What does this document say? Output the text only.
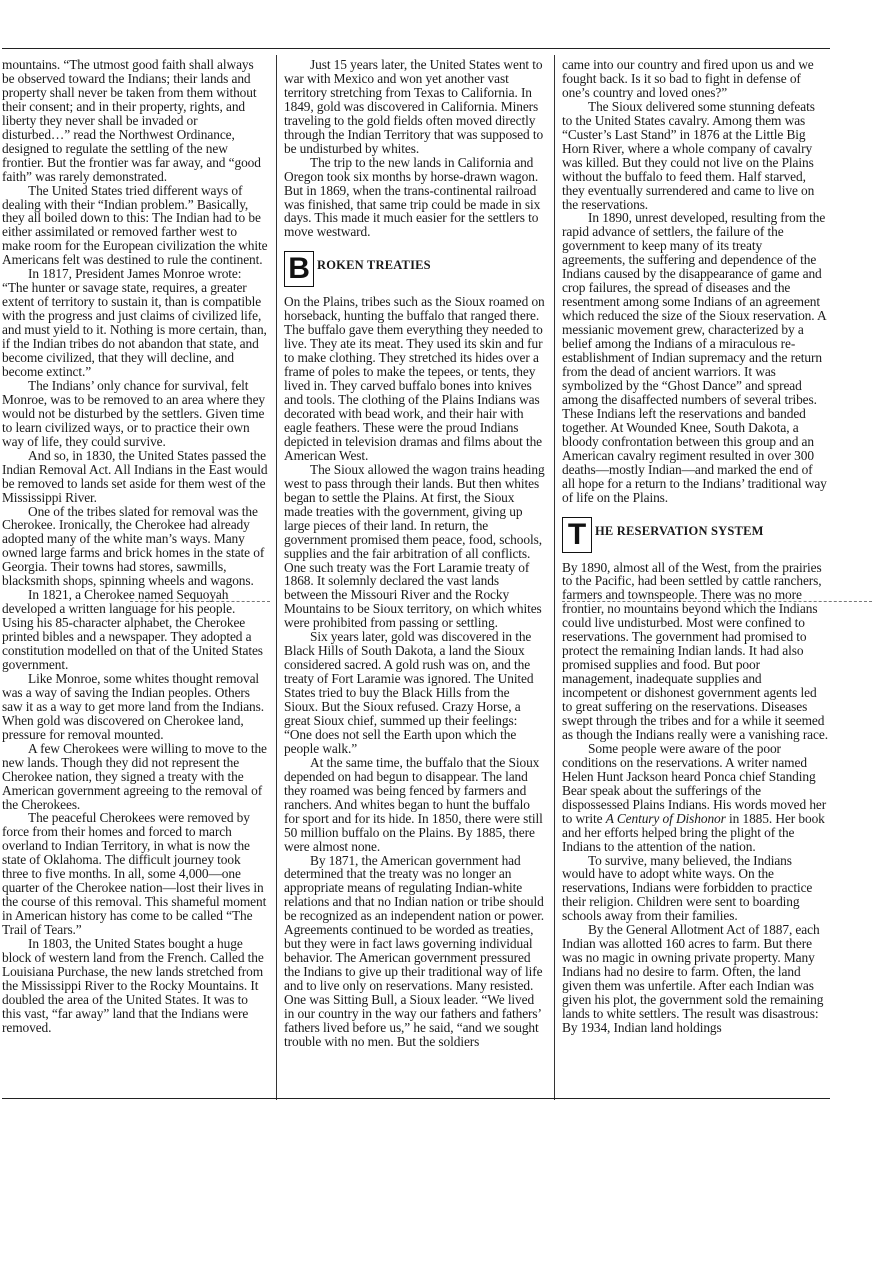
mountains. “The utmost good faith shall always be observed toward the Indians; their lands and property shall never be taken from them without their consent; and in their property, rights, and liberty they never shall be invaded or disturbed…” read the Northwest Ordinance, designed to regulate the settling of the new frontier. But the frontier was far away, and “good faith” was rarely demonstrated.

The United States tried different ways of dealing with their “Indian problem.” Basically, they all boiled down to this: The Indian had to be either assimilated or removed farther west to make room for the European civilization the white Americans felt was destined to rule the continent.

In 1817, President James Monroe wrote: “The hunter or savage state, requires, a greater extent of territory to sustain it, than is compatible with the progress and just claims of civilized life, and must yield to it. Nothing is more certain, than, if the Indian tribes do not abandon that state, and become civilized, that they will decline, and become extinct.”

The Indians’ only chance for survival, felt Monroe, was to be removed to an area where they would not be disturbed by the settlers. Given time to learn civilized ways, or to practice their own way of life, they could survive.

And so, in 1830, the United States passed the Indian Removal Act. All Indians in the East would be removed to lands set aside for them west of the Mississippi River.

One of the tribes slated for removal was the Cherokee. Ironically, the Cherokee had already adopted many of the white man’s ways. Many owned large farms and brick homes in the state of Georgia. Their towns had stores, sawmills, blacksmith shops, spinning wheels and wagons.

In 1821, a Cherokee named Sequoyah developed a written language for his people. Using his 85-character alphabet, the Cherokee printed bibles and a newspaper. They adopted a constitution modelled on that of the United States government.

Like Monroe, some whites thought removal was a way of saving the Indian peoples. Others saw it as a way to get more land from the Indians. When gold was discovered on Cherokee land, pressure for removal mounted.

A few Cherokees were willing to move to the new lands. Though they did not represent the Cherokee nation, they signed a treaty with the American government agreeing to the removal of the Cherokees.

The peaceful Cherokees were removed by force from their homes and forced to march overland to Indian Territory, in what is now the state of Oklahoma. The difficult journey took three to five months. In all, some 4,000—one quarter of the Cherokee nation—lost their lives in the course of this removal. This shameful moment in American history has come to be called “The Trail of Tears.”

In 1803, the United States bought a huge block of western land from the French. Called the Louisiana Purchase, the new lands stretched from the Mississippi River to the Rocky Mountains. It doubled the area of the United States. It was to this vast, “far away” land that the Indians were removed.

Just 15 years later, the United States went to war with Mexico and won yet another vast territory stretching from Texas to California. In 1849, gold was discovered in California. Miners traveling to the gold fields often moved directly through the Indian Territory that was supposed to be undisturbed by whites.

The trip to the new lands in California and Oregon took six months by horse-drawn wagon. But in 1869, when the trans-continental railroad was finished, that same trip could be made in six days. This made it much easier for the settlers to move westward.

B ROKEN TREATIES

On the Plains, tribes such as the Sioux roamed on horseback, hunting the buffalo that ranged there. The buffalo gave them everything they needed to live. They ate its meat. They used its skin and fur to make clothing. They stretched its hides over a frame of poles to make the tepees, or tents, they lived in. They carved buffalo bones into knives and tools. The clothing of the Plains Indians was decorated with bead work, and their hair with eagle feathers. These were the proud Indians depicted in television dramas and films about the American West.

The Sioux allowed the wagon trains heading west to pass through their lands. But then whites began to settle the Plains. At first, the Sioux made treaties with the government, giving up large pieces of their land. In return, the government promised them peace, food, schools, supplies and the fair arbitration of all conflicts. One such treaty was the Fort Laramie treaty of 1868. It solemnly declared the vast lands between the Missouri River and the Rocky Mountains to be Sioux territory, on which whites were prohibited from passing or settling.

Six years later, gold was discovered in the Black Hills of South Dakota, a land the Sioux considered sacred. A gold rush was on, and the treaty of Fort Laramie was ignored. The United States tried to buy the Black Hills from the Sioux. But the Sioux refused. Crazy Horse, a great Sioux chief, summed up their feelings: “One does not sell the Earth upon which the people walk.”

At the same time, the buffalo that the Sioux depended on had begun to disappear. The land they roamed was being fenced by farmers and ranchers. And whites began to hunt the buffalo for sport and for its hide. In 1850, there were still 50 million buffalo on the Plains. By 1885, there were almost none.

By 1871, the American government had determined that the treaty was no longer an appropriate means of regulating Indian-white relations and that no Indian nation or tribe should be recognized as an independent nation or power. Agreements continued to be worded as treaties, but they were in fact laws governing individual behavior. The American government pressured the Indians to give up their traditional way of life and to live only on reservations. Many resisted. One was Sitting Bull, a Sioux leader. “We lived in our country in the way our fathers and fathers’ fathers lived before us,” he said, “and we sought trouble with no men. But the soldiers

came into our country and fired upon us and we fought back. Is it so bad to fight in defense of one’s country and loved ones?”

The Sioux delivered some stunning defeats to the United States cavalry. Among them was “Custer’s Last Stand” in 1876 at the Little Big Horn River, where a whole company of cavalry was killed. But they could not live on the Plains without the buffalo to feed them. Half starved, they eventually surrendered and came to live on the reservations.

In 1890, unrest developed, resulting from the rapid advance of settlers, the failure of the government to keep many of its treaty agreements, the suffering and dependence of the Indians caused by the disappearance of game and crop failures, the spread of diseases and the resentment among some Indians of an agreement which reduced the size of the Sioux reservation. A messianic movement grew, characterized by a belief among the Indians of a miraculous re-establishment of Indian supremacy and the return from the dead of ancient warriors. It was symbolized by the “Ghost Dance” and spread among the disaffected numbers of several tribes. These Indians left the reservations and banded together. At Wounded Knee, South Dakota, a bloody confrontation between this group and an American cavalry regiment resulted in over 300 deaths—mostly Indian—and marked the end of all hope for a return to the Indians’ traditional way of life on the Plains.

T HE RESERVATION SYSTEM

By 1890, almost all of the West, from the prairies to the Pacific, had been settled by cattle ranchers, farmers and townspeople. There was no more frontier, no mountains beyond which the Indians could live undisturbed. Most were confined to reservations. The government had promised to protect the remaining Indian lands. It had also promised supplies and food. But poor management, inadequate supplies and incompetent or dishonest government agents led to great suffering on the reservations. Diseases swept through the tribes and for a while it seemed as though the Indians really were a vanishing race.

Some people were aware of the poor conditions on the reservations. A writer named Helen Hunt Jackson heard Ponca chief Standing Bear speak about the sufferings of the dispossessed Plains Indians. His words moved her to write A Century of Dishonor in 1885. Her book and her efforts helped bring the plight of the Indians to the attention of the nation.

To survive, many believed, the Indians would have to adopt white ways. On the reservations, Indians were forbidden to practice their religion. Children were sent to boarding schools away from their families.

By the General Allotment Act of 1887, each Indian was allotted 160 acres to farm. But there was no magic in owning private property. Many Indians had no desire to farm. Often, the land given them was unfertile. After each Indian was given his plot, the government sold the remaining lands to white settlers. The result was disastrous: By 1934, Indian land holdings
